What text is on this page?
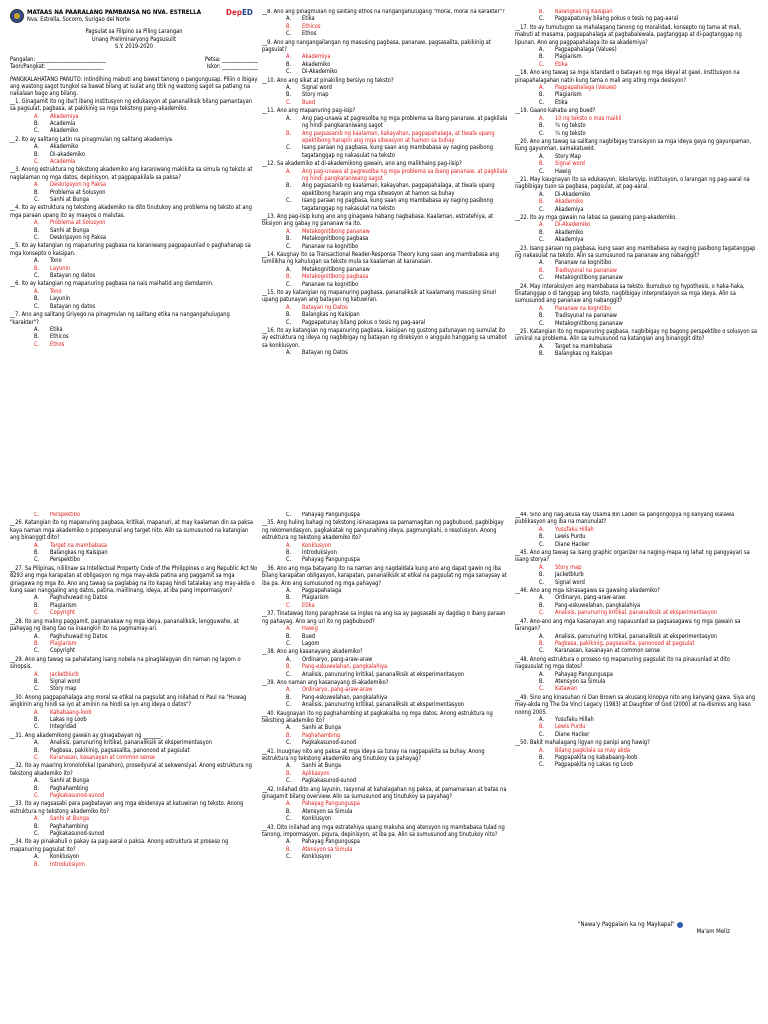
DepED
MATAAS NA PAARALANG PAMBANSA NG NVA. ESTRELLA
Nva. Estrella, Socorro, Surigao del Norte
Pagsulat sa Filipino sa Piling Larangan
Unang Preliminaryong Pagsusulit
S.Y. 2019-2020
Pangalan: ___________________________	Petsa: ______________
Taon/Pangkat: ______________________	Iskor: ______________
PANGKALAHATANG PANUTO: Intindihing mabuti ang bawat tanong o pangungusap. Piliin o ibigay ang wastong sagot tungkol sa bawat bilang at isulat ang titik ng wastong sagot sa patlang na nakalaan bago ang bilang.
__1. Ginagamit ito ng iba't ibang institusyon ng edukasyon at pananaliksik bilang pamantayan sa pagsulat, pagbasa, at pakikinig sa mga tekstong pang-akademiko.
A.	Akademiya
B.	Academia
C.	Akademiko
__2. Ito ay salitang Latin na pinagmulan ng salitang akademiya.
A.	Akademiko
B.	Di-akademiko
C.	Academia
__3. Anong estruktura ng tekstong akademiko ang karaniwang makikita sa simula ng teksto at naglalaman ng mga datos, depinisyon, at pagpapakilala sa paksa?
A.	Deskripsyon ng Paksa
B.	Problema at Solusyon
C.	Sanhi at Bunga
__4. Ito ay estruktura ng tekstong akademiko na dito tinutukoy ang problema ng teksto at ang mga paraan upang ito ay maayos o malutas.
A.	Problema at Solusyon
B.	Sanhi at Bunga
C.	Deskripsyon ng Paksa
__5. Ito ay katangian ng mapanuring pagbasa na karaniwang pagpapaunlad o paghahanap sa mga konsepto o kaisipan.
A.	Tono
B.	Layunin
C.	Batayan ng datos
__6. Ito ay katangian ng mapanuring pagbasa na nais maihatid ang damdamin.
A.	Tono
B.	Layunin
C.	Batayan ng datos
__7. Ano ang salitang Griyego na pinagmulan ng salitang etika na nangangahulugang "karakter"?
A.	Etika
B.	Ethicos
C.	Ethos
__8. Ano ang pinagmulan ng salitang ethos na nangangahulugang "moral, moral na karakter"?
A.	Etika
B.	Ethicos
C.	Ethos
__9. Ano ang nangangailangan ng masusing pagbasa, pananaw, pagsasalita, pakikinig at pagsulat?
A.	Akademiya
B.	Akademiko
C.	Di-Akademiko
__10. Ano ang sikat at pinakiling bersiyo ng teksto?
A.	Signal word
B.	Story map
C.	Bued
__11. Ano ang mapanuring pag-isip?
A.	Ang pag-unawa at pagresolba ng mga problema sa ibang pananaw, at pagkilala ng hindi pangkaraniwang sagot
B.	Ang pagsasanib ng kaalaman, kakayahan, pagpapahalaga, at tiwala upang epektibong harapin ang mga sitwasyon at hamon sa buhay
C.	Isang paraan ng pagbasa, kung saan ang mambabasa ay naging pasibong tagatanggap ng nakasulat na teksto
__12. Sa akademiko at di-akademikong gawain, ano ang malikhaing pag-iisip?
A.	Ang pag-unawa at pagresolba ng mga problema sa ibang pananaw, at pagkilala ng hindi pangkaraniwang sagot
B.	Ang pagsasanib ng kaalaman, kakayahan, pagpapahalaga, at tiwala upang epektibong harapin ang mga sitwasyon at hamon sa buhay
C.	Isang paraan ng pagbasa, kung saan ang mambabasa ay naging pasibong tagatanggap ng nakasulat na teksto
__13. Ang pag-iisip kung ano ang ginagawa habang nagbabasa. Kaalaman, estratehiya, at tiksiyon ang gabay ng pananaw na ito.
A.	Metakognitibong pananaw
B.	Metakognitibong pagbasa
C.	Pananaw na kognitibo
__14. Kaugnay ito sa Transactional Reader-Response Theory kung saan ang mambabasa ang lumilikha ng kahulugan sa teksto mula sa kaalaman at karanasan.
A.	Metakognitibong pananaw
B.	Metakognitibong pagbasa
C.	Pananaw na kognitibo
__15. Ito ay katangian ng mapanuring pagbasa, pananaliksik at kaalamang masusing sinuri upang patunayan ang batayan ng katuwiran.
A.	Batayan ng Datos
B.	Balangkas ng Kaisipan
C.	Pagpapatunay bilang pokus o tesis ng pag-aaral
__16. Ito ay katangian ng mapanuring pagbasa, kaisipan ng gustong patunayan ng sumulat ito ay estruktura ng ideya ng nagbibigay ng batayan ng direksyon o anggulo hanggang sa umabot sa konklusyon.
A.	Batayan ng Datos
B.	Balangkas ng Kaisipan
C.	Pagpapatunay bilang pokus o tesis ng pag-aaral
__17. Ito ay tumutugon sa mahalagang tanong ng moralidad, konsepto ng tama at mali, mabuti at masama, pagpapahalaga at pagbabalewala, pagtanggap at di-pagtanggap ng lipunan. Ano ang pagpapahalaga ito sa akademiya?
A.	Pagpapahalaga (Values)
B.	Plagiarism
C.	Etika
__18. Ano ang tawag sa mga istandard o batayan ng mga ideyal at gawi, institusyon na pinapahalagahan natin kung tama o mali ang ating mga desisyon?
A.	Pagpapahalaga (Values)
B.	Plagiarism
C.	Etika
__19. Gaano kahaba ang bued?
A.	10 ng teksto o mas maikli
B.	¾ ng teksto
C.	¼ ng teksto
__20. Ano ang tawag sa salitang nagbibigay transisyon sa mga ideya gaya ng gayunpaman, kung gayunman, samakatuwid.
A.	Story Map
B.	Signal word
C.	Hawig
__21. May kaugnayan ito sa edukasyon, iskolarsyip, institusyon, o larangan ng pag-aaral na nagbibigay tuon sa pagbasa, pagsulat, at pag-aaral.
A.	Di-Akademiko
B.	Akademiko
C.	Akademiya
__22. Ito ay mga gawain na labas sa gawaing pang-akademiko.
A.	Di-Akademiko
B.	Akademiko
C.	Akademiya
__23. Isang paraan ng pagbasa, kung saan ang mambabasa ay naging pasibong tagatanggap ng nakasulat na teksto. Alin sa sumusunod na pananaw ang nabanggit?
A.	Pananaw na kognitibo
B.	Tradisyunal na pananaw
C.	Metakognitibong pananaw
__24. May interaksiyon ang mambabasa sa teksto. Bumubuo ng hypothesis, o haka-haka, tinatanggap o di tanggap ang teksto, nagbibigay interpretasyon sa mga ideya. Alin sa sumusunod ang pananaw ang nabanggit?
A.	Pananaw na kognitibo
B.	Tradisyunal na pananaw
C.	Metakognitibong pananaw
__25. Katangian ito ng mapanuring pagbasa, nagbibigay ng bagong perspektibo o solusyon sa umiiral na problema. Alin sa sumusunod na katangian ang binanggit dito?
A.	Target na mambabasa
B.	Balangkas ng Kaisipan
C.	Perspektibo
__26. Katangian ito ng mapanuring pagbasa, kritikal, mapanuri, at may kaalaman din sa paksa kaya naman mga akademiko o propesyunal ang target nito. Alin sa sumusunod na katangian ang binanggit dito?
A.	Target na mambabasa
B.	Balangkas ng Kaisipan
C.	Perspektibo
__27. Sa Pilipinas, nililinaw sa Intellectual Property Code of the Philippines o ang Republic Act No 8293 ang mga karapatan at obligasyon ng mga may-akda patina ang paggamit sa mga ginagawa ng mga ito. Ano ang tawag sa paglabag na ito kapag hindi tatalakay ang may-akda o kung saan nanggaling ang datos, patina, malilinang, ideya, at iba pang impormasyon?
A.	Paghuhuwad ng Datos
B.	Plagiarism
C.	Copyright
__28. Ito ang maling paggamit, pagnanakaw ng mga ideya, pananaliksik, lengguwahe, at pahayag ng ibang tao na inaangkin ito na pagmamay-ari.
A.	Paghuhuwad ng Datos
B.	Plagiarism
C.	Copyright
__29. Ano ang tawag sa pahalatang isang nobela na pinaglalagyan din naman ng lagom o sinopsis.
A.	Jacketblurb
B.	Signal word
C.	Story map
__30. Anong pagpapahalaga ang moral sa etikal na pagsulat ang inilahad ni Paul na "Huwag angkinin ang hindi sa iyo at aminin na hindi sa iyo ang ideya o datos"?
A.	Kababaang-loob
B.	Lakas ng Loob
C.	Integridad
__31. Ang akademikong gawain ay ginagabayan ng _______.
A.	Analisis, panunuring kritikal, pananaliksik at eksperimentasyon
B.	Pagbasa, pakikinig, pagsasalita, panonood at pagsulat
C.	Karanasan, kasanayan at common sense
__32. Ito ay maaring kronolohikal (panahon), prosedyural at sekwensiyal. Anong estruktura ng tekstong akademiko ito?
A.	Sanhi at Bunga
B.	Paghahambing
C.	Pagkakasunod-sunod
__33. Ito ay nagsasabi para pagbatayan ang mga ebidensya at katuwiran ng teksto. Anong estruktura ng tekstong akademiko ito?
A.	Sanhi at Bunga
B.	Paghahambing
C.	Pagkakasunod-sunod
__34. Ito ay pinakahuli o pakay sa pag-aaral o paksa. Anong estruktura at proseso ng mapanuring pagsulat ito?
A.	Konklusyon
B.	Introduksiyon
C.	Pahayag Pangunguspa
__35. Ang huling bahagi ng tekstong isinasagawa sa pamamagitan ng pagbubuod, pagbibigay ng rekomendasyon, pagkakatak ng pangunahing ideya, pagmungkahi, o resolusyon. Anong estruktura ng tekstong akademiko ito?
A.	Konklusyon
B.	Introduksiyon
C.	Pahayag Pangunguspa
__36. Ano ang mga batayang ito na naman ang nagdaldala kung ano ang dapat gawin ng iba bilang karapatan obligasyon, karapatan, pananaliksik at etikal na pagsulat ng mga sanaysay at iba pa. Ano ang sumusunod ng mga pahayag?
A.	Pagpapahalaga
B.	Plagiarism
C.	Etika
__37. Tinatawag itong paraphrase sa ingles na ang isa ay pagsasabi ay dagdag o ibang paraan ng pahayag. Ano ang uri ito ng pagbubuod?
A.	Hawig
B.	Bued
C.	Lagom
__38. Ano ang kasanayang akademiko?
A.	Ordinaryo, pang-araw-araw
B.	Pang-eskuwelahan, pangkalahiya
C.	Analisis, panunuring kritikal, pananaliksik at eksperimentasyon
__39. Ano naman ang kasanayang di-akademiko?
A.	Ordinaryo, pang-araw-araw
B.	Pang-eskuwelahan, pangkalahiya
C.	Analisis, panunuring kritikal, pananaliksik at eksperimentasyon
__40. Kaugnayan ito ng paghahambing at pagkakaiba ng mga datos. Anong estruktura ng tekstong akademiko ito?
A.	Sanhi at Bunga
B.	Paghahambing
C.	Pagkakasunod-sunod
__41. Inuugnay nito ang paksa at mga ideya sa tunay na nagpapakita sa buhay. Anong estruktura ng tekstong akademiko ang tinutukoy sa pahayag?
A.	Sanhi at Bunga
B.	Aplikasyon
C.	Pagkakasunod-sunod
__42. Inilahad dito ang layunin, rasyonal at kahalagahan ng paksa, at pamamaraan at batas na ginagamit bilang overview. Alin sa sumusunod ang tinutukoy sa payahag?
A.	Pahayag Pangunguspa
B.	Atensyon sa Simula
C.	Konklusyon
__43. Dito inilahad ang mga estratehiya upang makuha ang atensyon ng mambabasa tulad ng tanong, impormasyon, pigura, depinisyon, at iba pa. Alin sa sumusunod ang tinutukoy nito?
A.	Pahayag Pangunguspa
B.	Atensyon sa Simula
C.	Konklusyon
__44. Sino ang nag-akusa kay Osama Bin Laden sa pangongopya ng kanyang ikalawa publikasyon ang iba na manunulat?
A.	Yusufaku Hillah
B.	Lewis Purdu
C.	Diane Hacker
__45. Ano ang tawag sa isang graphic organizer na naging-mapa ng lahat ng pangyayari sa isang storya?
A.	Story map
B.	Jacketblurb
C.	Signal word
__46. Ano ang mga isinasagawa sa gawaing akademiko?
A.	Ordinaryo, pang-araw-araw
B.	Pang-eskuwelahan, pangkalahiya
C.	Analisis, panunuring kritikal, pananaliksik at eksperimentasyon
__47. Ano-ano ang mga kasanayan ang napauunlad sa pagsasagawa ng mga gawain sa larangan?
A.	Analisis, panunuring kritikal, pananaliksik at eksperimentasyon
B.	Pagbasa, pakikinig, pagsasalita, panonood at pagsulat
C.	Karanasan, kasanayan at common sense
__48. Anong estruktura o proseso ng mapanuring pagsulat ito na pinauunlad at dito nagsusulat ng mga datos?
A.	Pahayag Pangunguspa
B.	Atensyon sa Simula
C.	Katawan
__49. Sino ang kinasuhan ni Dan Brown sa akusang kinopya nito ang kanyang gawa. Siya ang may-akda ng The Da Vinci Legacy (1983) at Daughter of God (2000) at na-dismiss ang kaso noong 2005.
A.	Yusufaku Hillah
B.	Lewis Purdu
C.	Diane Hacker
__50. Bakit mahalagang ligyan ng panipi ang hawig?
A.	Bilang pagkilala sa may akda
B.	Pagpapakita ng kababaang-loob
C.	Pagpapakita ng Lakas ng Loob
"Nawa'y Pagpalain ka ng Maykapal"
Ma'am Meliz
